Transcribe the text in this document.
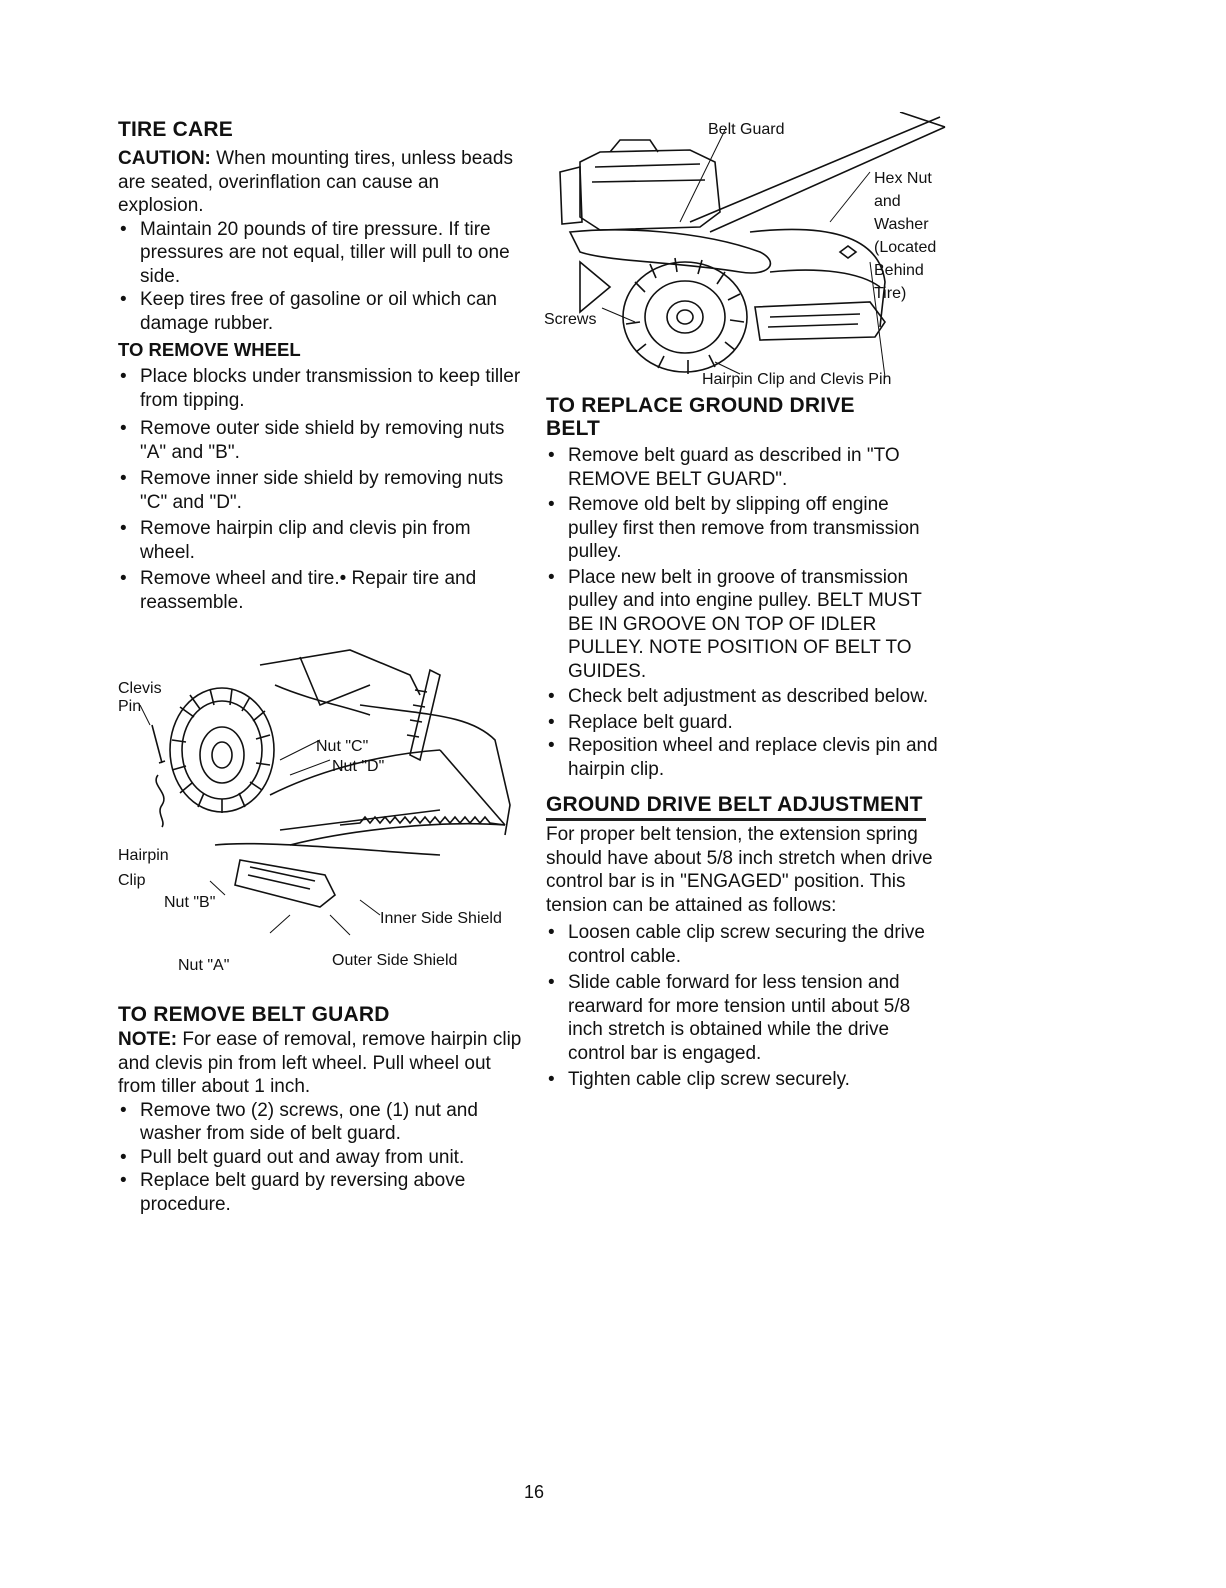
TIRE CARE

CAUTION: When mounting tires, unless beads are seated, overinflation can cause an explosion.

• Maintain 20 pounds of tire pressure. If tire pressures are not equal, tiller will pull to one side.
• Keep tires free of gasoline or oil which can damage rubber.
TO REMOVE WHEEL
• Place blocks under transmission to keep tiller from tipping.
• Remove outer side shield by removing nuts "A" and "B".
• Remove inner side shield by removing nuts "C" and "D".
• Remove hairpin clip and clevis pin from wheel.
• Remove wheel and tire.• Repair tire and reassemble.
Clevis
Pin
Nut "C"
Nut "D"
Hairpin
Clip
Nut "B"
Inner Side Shield
Nut "A"	Outer Side Shield
TO REMOVE BELT GUARD

NOTE: For ease of removal, remove hairpin clip and clevis pin from left wheel. Pull wheel out from tiller about 1 inch.

• Remove two (2) screws, one (1) nut and washer from side of belt guard.
• Pull belt guard out and away from unit.
• Replace belt guard by reversing above procedure.
Belt Guard
Hex Nut
and
Washer
(Located
Behind
Tire)
Screws
Hairpin Clip and Clevis Pin
TO REPLACE GROUND DRIVE BELT
• Remove belt guard as described in "TO REMOVE BELT GUARD".
• Remove old belt by slipping off engine pulley first then remove from transmission pulley.
• Place new belt in groove of transmission pulley and into engine pulley. BELT MUST BE IN GROOVE ON TOP OF IDLER PULLEY. NOTE POSITION OF BELT TO GUIDES.
• Check belt adjustment as described below.
• Replace belt guard.
• Reposition wheel and replace clevis pin and hairpin clip.
GROUND DRIVE BELT ADJUSTMENT

For proper belt tension, the extension spring should have about 5/8 inch stretch when drive control bar is in "ENGAGED" position. This tension can be attained as follows:

• Loosen cable clip screw securing the drive control cable.
• Slide cable forward for less tension and rearward for more tension until about 5/8 inch stretch is obtained while the drive control bar is engaged.
• Tighten cable clip screw securely.
16
